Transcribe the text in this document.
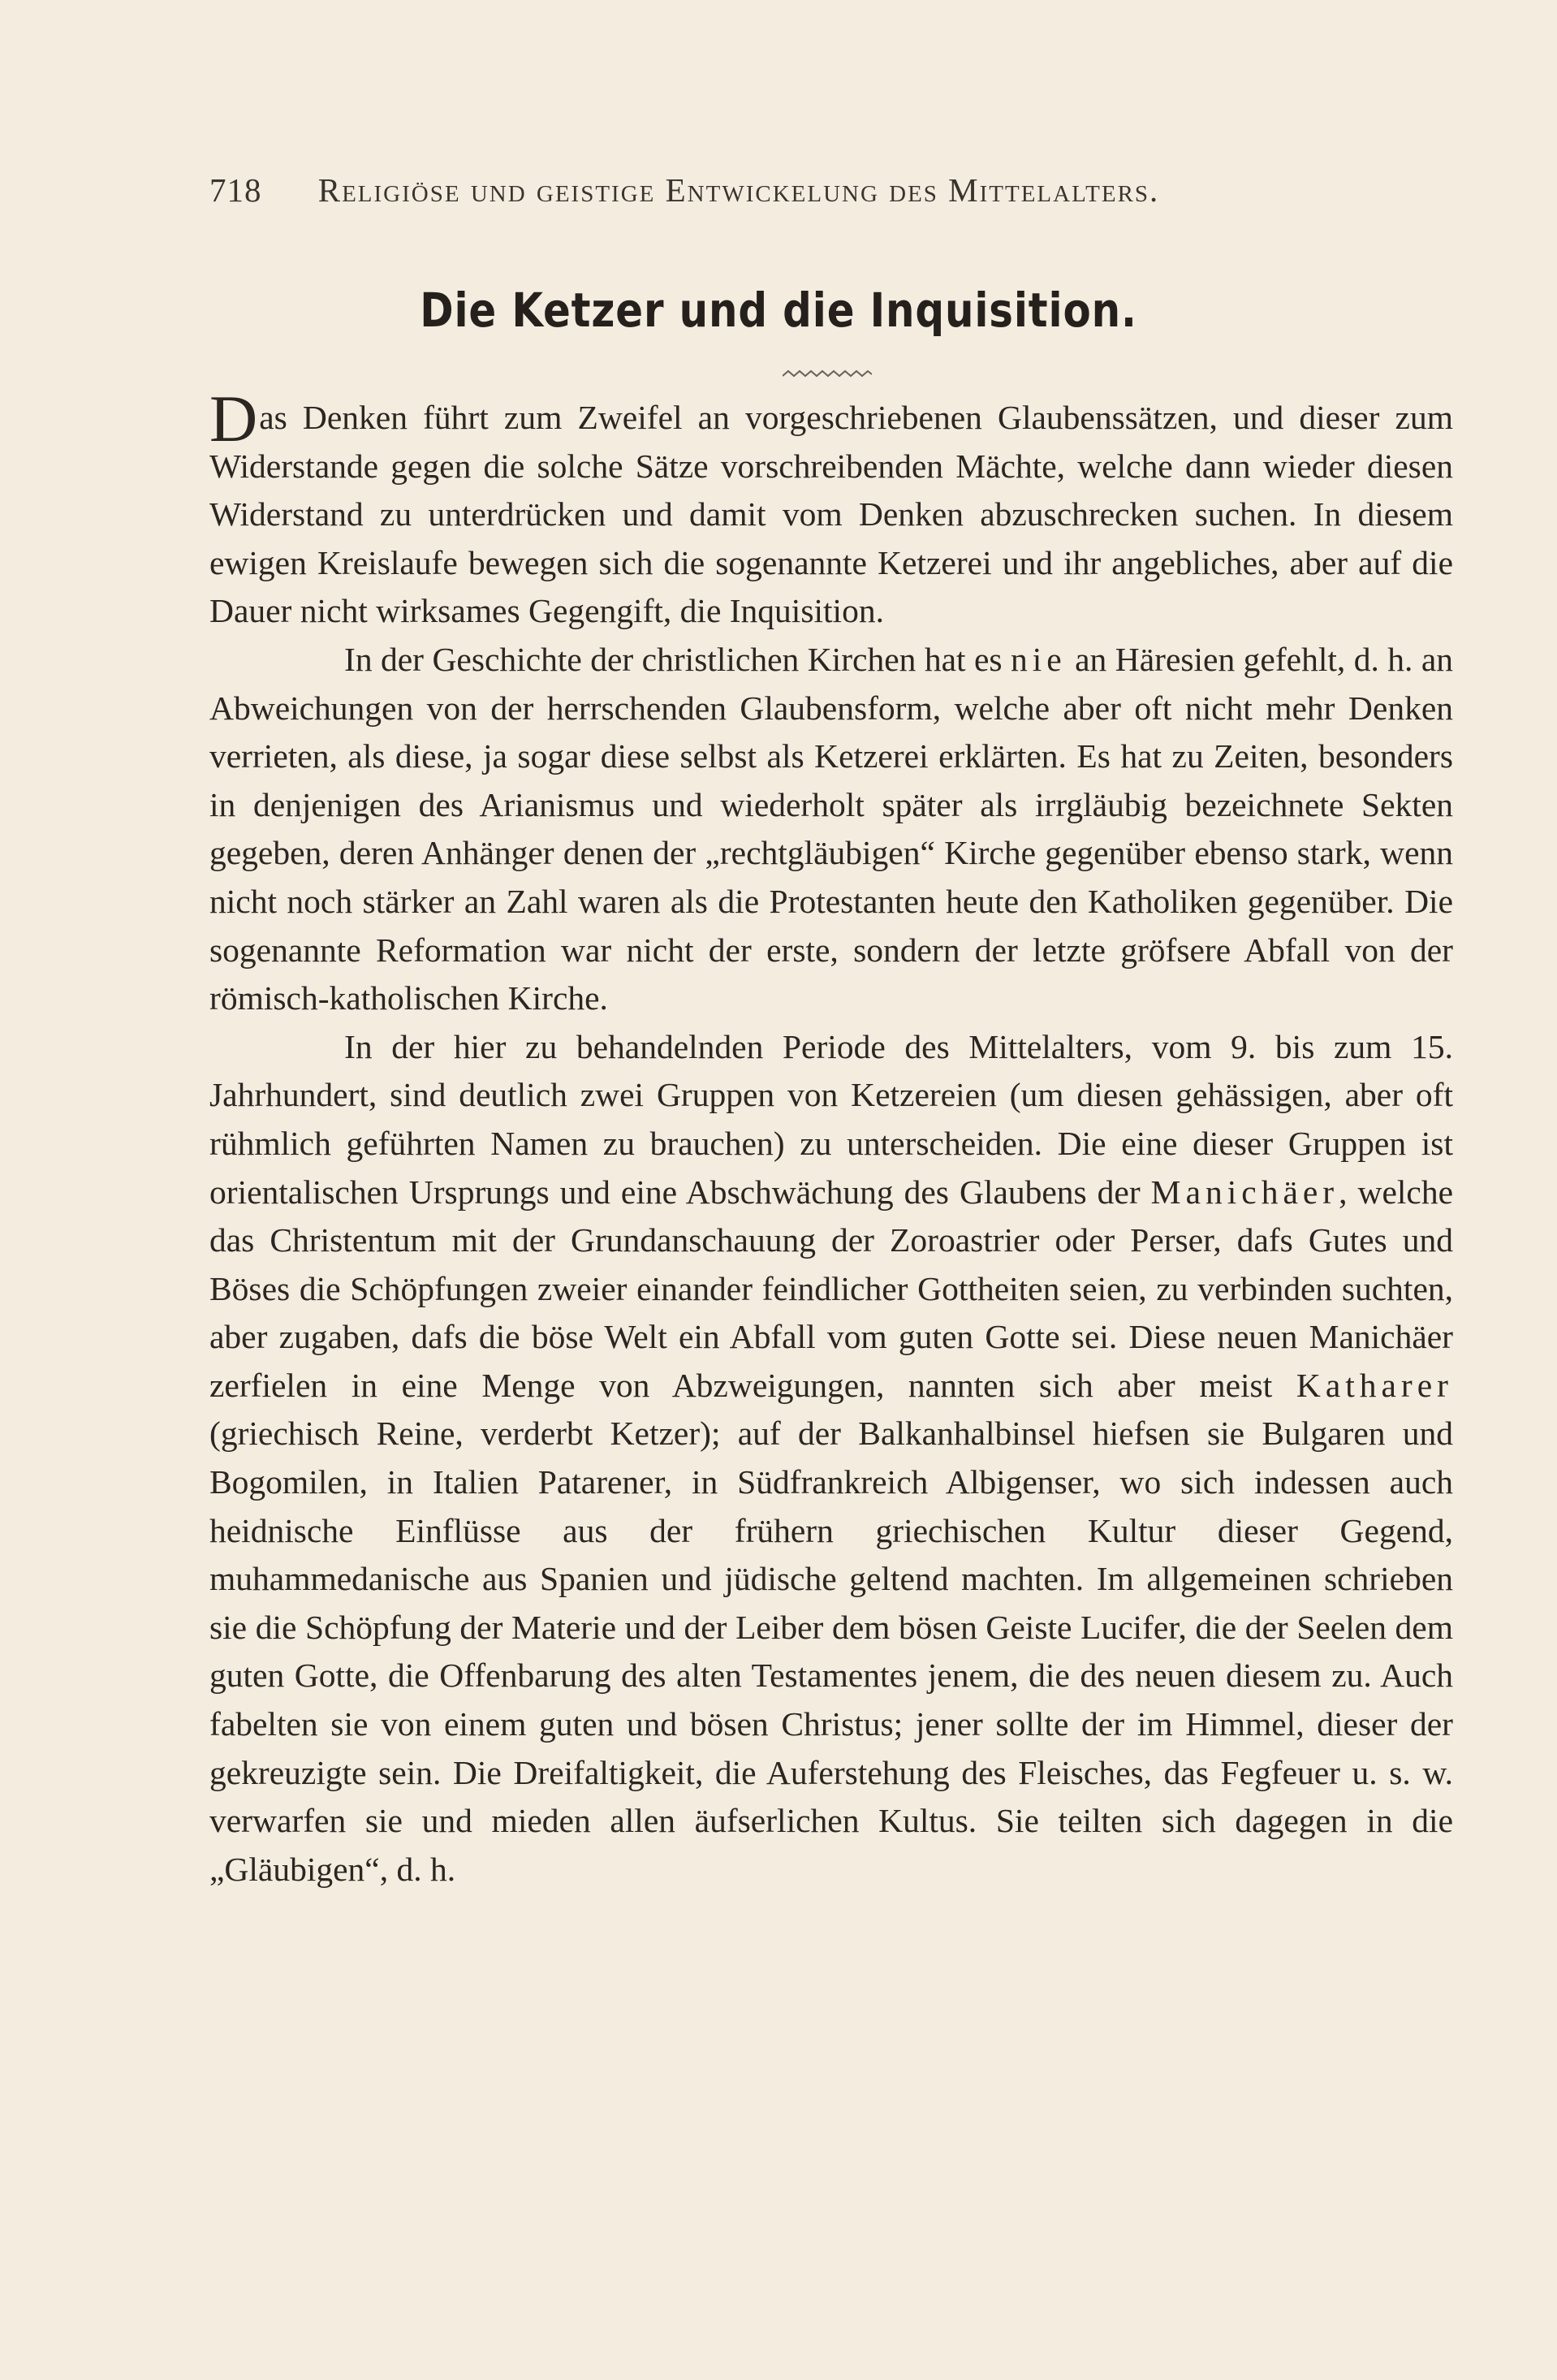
718 Religiöse und geistige Entwickelung des Mittelalters.
Die Ketzer und die Inquisition.

Das Denken führt zum Zweifel an vorgeschriebenen Glaubenssätzen, und dieser zum Widerstande gegen die solche Sätze vorschreibenden Mächte, welche dann wieder diesen Widerstand zu unterdrücken und damit vom Denken abzuschrecken suchen. In diesem ewigen Kreislaufe bewegen sich die sogenannte Ketzerei und ihr angebliches, aber auf die Dauer nicht wirksames Gegengift, die Inquisition.

In der Geschichte der christlichen Kirchen hat es nie an Häresien gefehlt, d. h. an Abweichungen von der herrschenden Glaubensform, welche aber oft nicht mehr Denken verrieten, als diese, ja sogar diese selbst als Ketzerei erklärten. Es hat zu Zeiten, besonders in denjenigen des Arianismus und wiederholt später als irrgläubig bezeichnete Sekten gegeben, deren Anhänger denen der „rechtgläubigen“ Kirche gegenüber ebenso stark, wenn nicht noch stärker an Zahl waren als die Protestanten heute den Katholiken gegenüber. Die sogenannte Reformation war nicht der erste, sondern der letzte gröfsere Abfall von der römisch-katholischen Kirche.

In der hier zu behandelnden Periode des Mittelalters, vom 9. bis zum 15. Jahrhundert, sind deutlich zwei Gruppen von Ketzereien (um diesen gehässigen, aber oft rühmlich geführten Namen zu brauchen) zu unterscheiden. Die eine dieser Gruppen ist orientalischen Ursprungs und eine Abschwächung des Glaubens der Manichäer, welche das Christentum mit der Grundanschauung der Zoroastrier oder Perser, dafs Gutes und Böses die Schöpfungen zweier einander feindlicher Gottheiten seien, zu verbinden suchten, aber zugaben, dafs die böse Welt ein Abfall vom guten Gotte sei. Diese neuen Manichäer zerfielen in eine Menge von Abzweigungen, nannten sich aber meist Katharer (griechisch Reine, verderbt Ketzer); auf der Balkanhalbinsel hiefsen sie Bulgaren und Bogomilen, in Italien Patarener, in Südfrankreich Albigenser, wo sich indessen auch heidnische Einflüsse aus der frühern griechischen Kultur dieser Gegend, muhammedanische aus Spanien und jüdische geltend machten. Im allgemeinen schrieben sie die Schöpfung der Materie und der Leiber dem bösen Geiste Lucifer, die der Seelen dem guten Gotte, die Offenbarung des alten Testamentes jenem, die des neuen diesem zu. Auch fabelten sie von einem guten und bösen Christus; jener sollte der im Himmel, dieser der gekreuzigte sein. Die Dreifaltigkeit, die Auferstehung des Fleisches, das Fegfeuer u. s. w. verwarfen sie und mieden allen äufserlichen Kultus. Sie teilten sich dagegen in die „Gläubigen“, d. h.
